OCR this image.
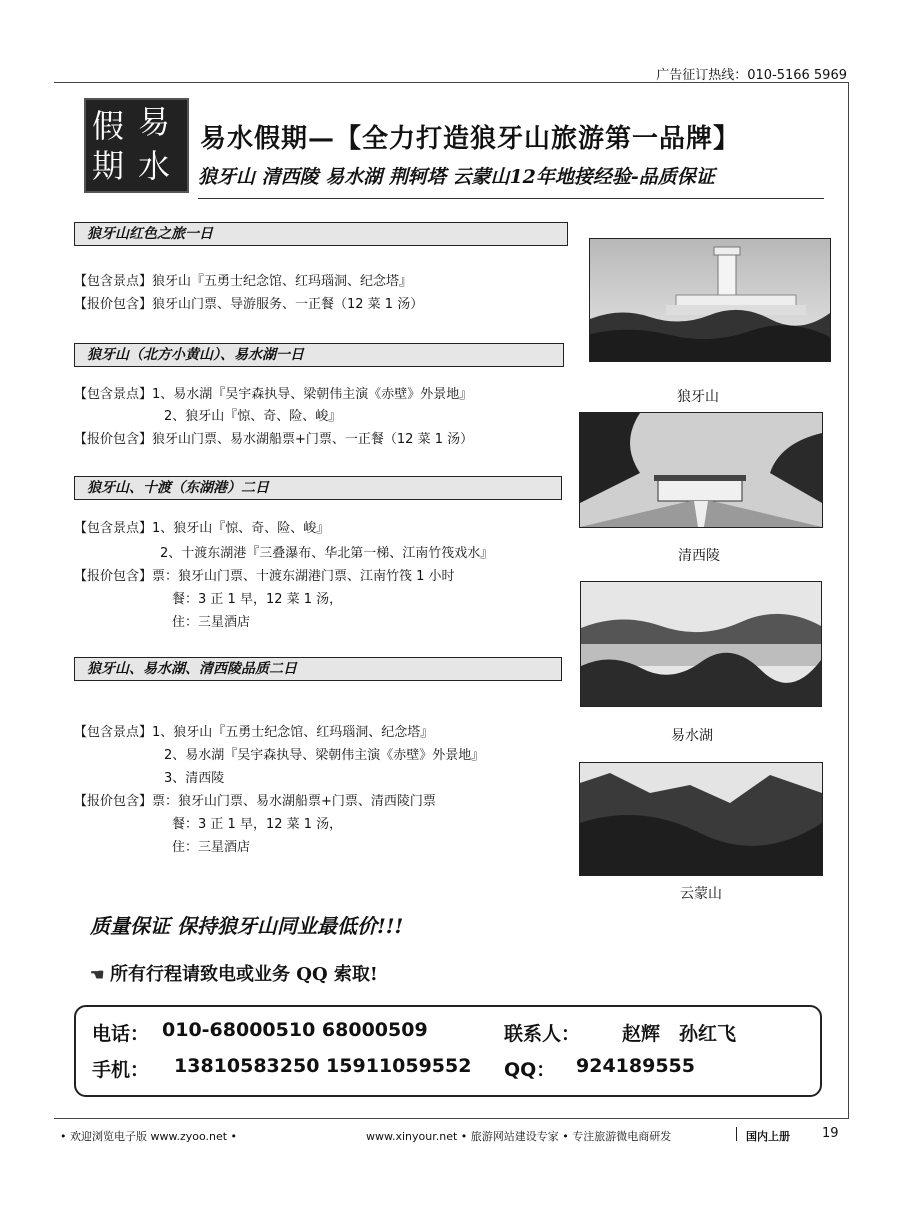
广告征订热线：010-5166 5969
易
假
期 水
易水假期—【全力打造狼牙山旅游第一品牌】
狼牙山 清西陵 易水湖 荆轲塔 云蒙山12年地接经验-品质保证
狼牙山红色之旅一日
【包含景点】狼牙山『五勇士纪念馆、红玛瑙洞、纪念塔』
【报价包含】狼牙山门票、导游服务、一正餐（12 菜 1 汤）
狼牙山（北方小黄山）、易水湖一日
【包含景点】1、易水湖『吴宇森执导、梁朝伟主演《赤壁》外景地』
2、狼牙山『惊、奇、险、峻』
【报价包含】狼牙山门票、易水湖船票+门票、一正餐（12 菜 1 汤）
狼牙山、十渡（东湖港）二日
【包含景点】1、狼牙山『惊、奇、险、峻』
2、十渡东湖港『三叠瀑布、华北第一梯、江南竹筏戏水』
【报价包含】票：狼牙山门票、十渡东湖港门票、江南竹筏 1 小时
餐：3 正 1 早，12 菜 1 汤，
住：三星酒店
狼牙山、易水湖、清西陵品质二日
【包含景点】1、狼牙山『五勇士纪念馆、红玛瑙洞、纪念塔』
2、易水湖『吴宇森执导、梁朝伟主演《赤壁》外景地』
3、清西陵
【报价包含】票：狼牙山门票、易水湖船票+门票、清西陵门票
餐：3 正 1 早，12 菜 1 汤，
住：三星酒店
狼牙山
清西陵
易水湖
云蒙山
质量保证 保持狼牙山同业最低价!!!
☚ 所有行程请致电或业务 QQ 索取!
电话： 010-68000510 68000509	联系人： 赵辉　孙红飞
手机： 13810583250 15911059552 QQ： 924189555
• 欢迎浏览电子版 www.zyoo.net •	www.xinyour.net • 旅游网站建设专家 • 专注旅游微电商研发	国内上册 19
